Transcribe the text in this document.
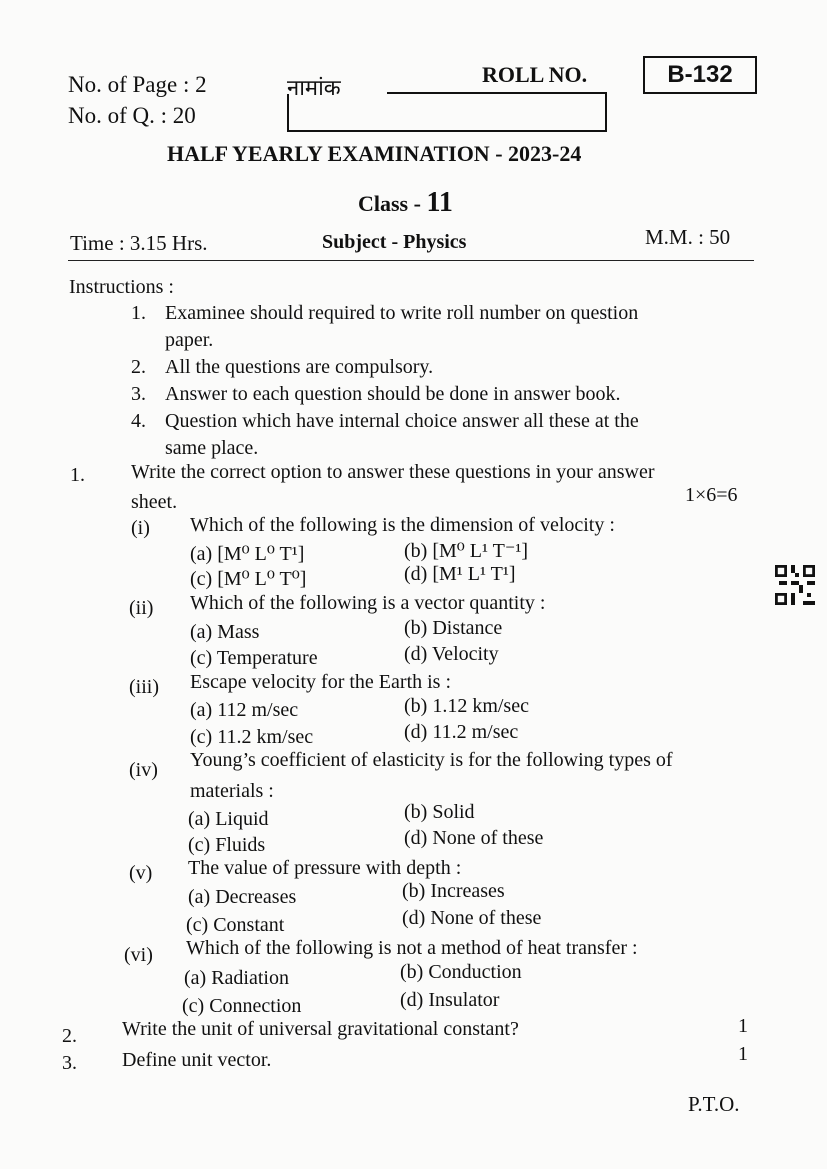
No. of Page : 2
No. of Q. : 20
नामांक
ROLL NO.	B-132
HALF YEARLY EXAMINATION - 2023-24
Class - 11
Time : 3.15 Hrs.	Subject - Physics	M.M. : 50
Instructions :
1. Examinee should required to write roll number on question
paper.
2. All the questions are compulsory.
3. Answer to each question should be done in answer book.
4. Question which have internal choice answer all these at the
same place.
1. Write the correct option to answer these questions in your answer
sheet.	1×6=6
(i) Which of the following is the dimension of velocity :
(a) [M⁰ L⁰ T¹]	(b) [M⁰ L¹ T⁻¹]
(c) [M⁰ L⁰ T⁰]	(d) [M¹ L¹ T¹]
(ii) Which of the following is a vector quantity :
(a) Mass	(b) Distance
(c) Temperature	(d) Velocity
(iii) Escape velocity for the Earth is :
(a) 112 m/sec	(b) 1.12 km/sec
(c) 11.2 km/sec	(d) 11.2 m/sec
(iv) Young’s coefficient of elasticity is for the following types of
materials :
(a) Liquid	(b) Solid
(c) Fluids	(d) None of these
(v) The value of pressure with depth :
(a) Decreases	(b) Increases
(c) Constant	(d) None of these
(vi) Which of the following is not a method of heat transfer :
(a) Radiation	(b) Conduction
(c) Connection	(d) Insulator
2. Write the unit of universal gravitational constant?	1
3. Define unit vector.	1
P.T.O.
